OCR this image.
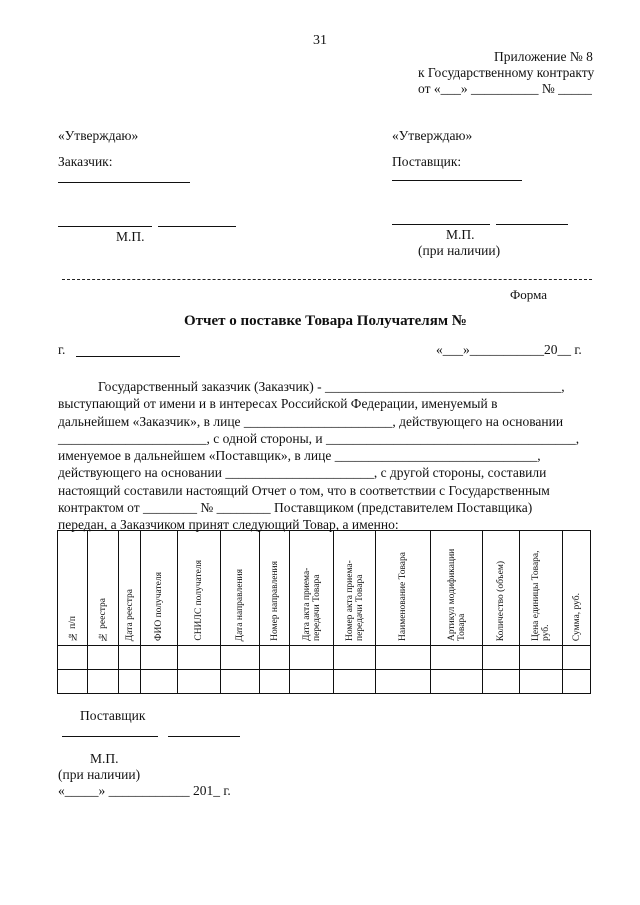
31
Приложение № 8
к Государственному контракту
от «___» __________ № _____
«Утверждаю»
Заказчик:
М.П.
«Утверждаю»
Поставщик:
М.П.
(при наличии)
Форма
Отчет о поставке Товара Получателям №
г.	«___»___________20__ г.
Государственный заказчик (Заказчик) - ___________________________________,
выступающий от имени и в интересах Российской Федерации, именуемый в
дальнейшем «Заказчик», в лице ______________________, действующего на основании
______________________, с одной стороны, и _____________________________________,
именуемое в дальнейшем «Поставщик», в лице ______________________________,
действующего на основании ______________________, с другой стороны, составили
настоящий составили настоящий Отчет о том, что в соответствии с Государственным
контрактом от ________ № ________ Поставщиком (представителем Поставщика)
передан, а Заказчиком принят следующий Товар, а именно:
№ п/п	№ реестра	Дата реестра	ФИО получателя	СНИЛС получателя	Дата направления	Номер направления	Дата акта приема-передачи Товара	Номер акта приема-передачи Товара	Наименование Товара	Артикул модификации Товара	Количество (объем)	Цена единицы Товара, руб.	Сумма, руб.

Поставщик
М.П.
(при наличии)
«_____» ____________ 201_ г.
